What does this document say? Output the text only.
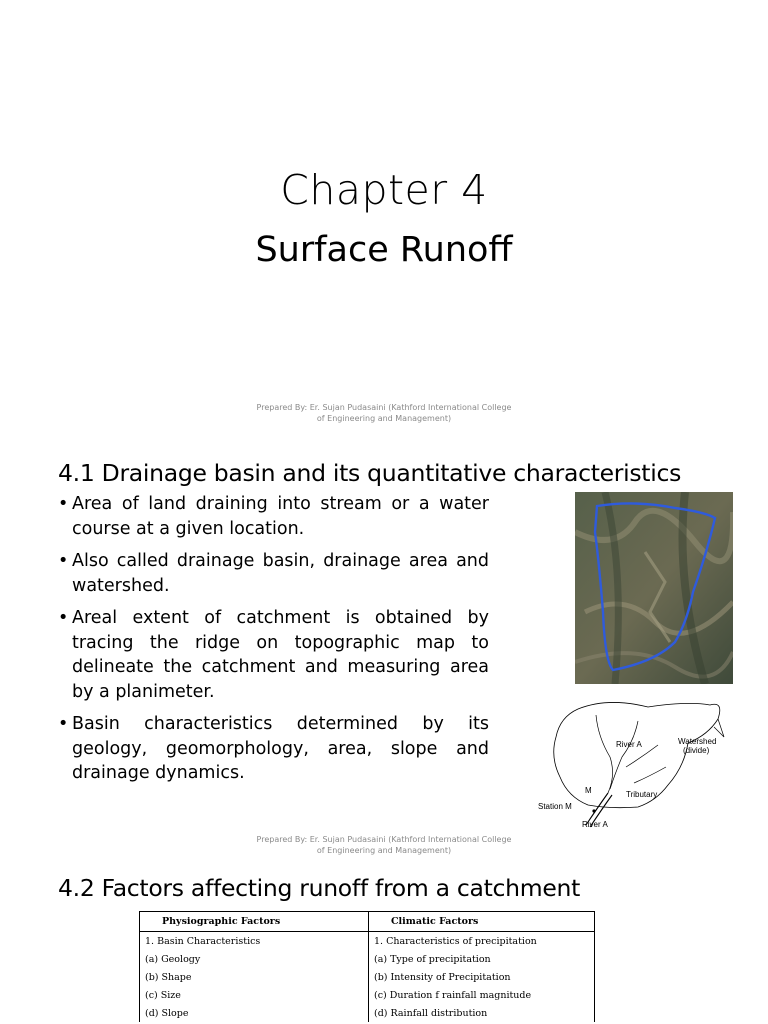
Chapter 4
Surface Runoff
Prepared By: Er. Sujan Pudasaini (Kathford International College
of Engineering and Management)
4.1 Drainage basin and its quantitative characteristics
• Area of land draining into stream or a water course at a given location.
• Also called drainage basin, drainage area and watershed.
• Areal extent of catchment is obtained by tracing the ridge on topographic map to delineate the catchment and measuring area by a planimeter.
• Basin characteristics determined by its geology, geomorphology, area, slope and drainage dynamics.
River A	Watershed
(divide)
Tributary
Station M
M
River A
Prepared By: Er. Sujan Pudasaini (Kathford International College
of Engineering and Management)
4.2 Factors affecting runoff from a catchment
Physiographic Factors	Climatic Factors
1. Basin Characteristics	1. Characteristics of precipitation
(a) Geology	(a) Type of precipitation
(b) Shape	(b) Intensity of Precipitation
(c) Size	(c) Duration f rainfall magnitude
(d) Slope	(d) Rainfall distribution
